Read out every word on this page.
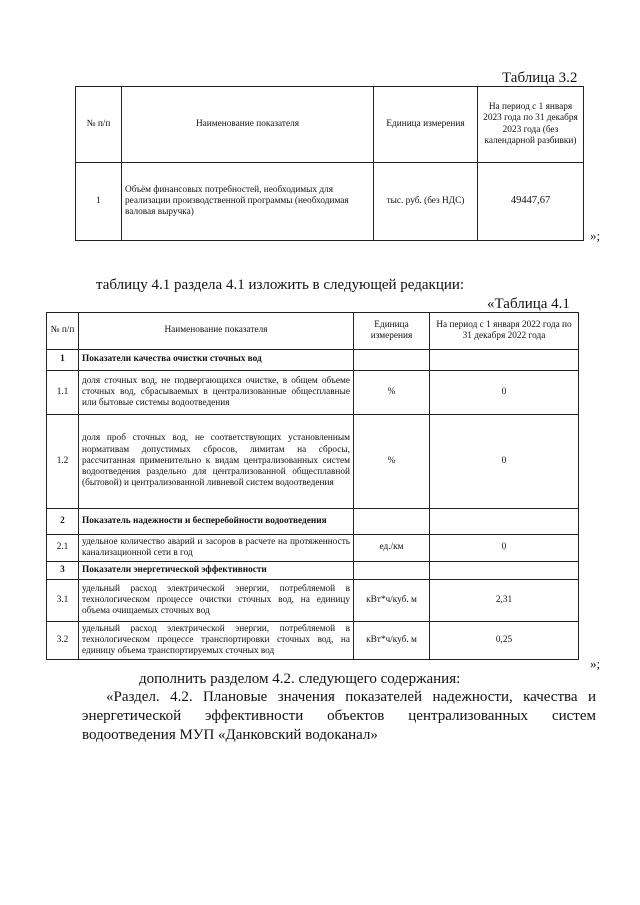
Таблица 3.2
№ п/п	Наименование показателя	Единица измерения	На период с 1 января 2023 года по 31 декабря 2023 года (без календарной разбивки)
1	Объём финансовых потребностей, необходимых для реализации производственной программы (необходимая валовая выручка)	тыс. руб. (без НДС)	49447,67
»;
таблицу 4.1 раздела 4.1 изложить в следующей редакции:
«Таблица 4.1
№ п/п	Наименование показателя	Единица измерения	На период с 1 января 2022 года по 31 декабря 2022 года
1	Показатели качества очистки сточных вод		
1.1	доля сточных вод, не подвергающихся очистке, в общем объеме сточных вод, сбрасываемых в централизованные общесплавные или бытовые системы водоотведения	%	0
1.2	доля проб сточных вод, не соответствующих установленным нормативам допустимых сбросов, лимитам на сбросы, рассчитанная применительно к видам централизованных систем водоотведения раздельно для централизованной общесплавной (бытовой) и централизованной ливневой систем водоотведения	%	0
2	Показатель надежности и бесперебойности водоотведения		
2.1	удельное количество аварий и засоров в расчете на протяженность канализационной сети в год	ед./км	0
3	Показатели энергетической эффективности		
3.1	удельный расход электрической энергии, потребляемой в технологическом процессе очистки сточных вод, на единицу объема очищаемых сточных вод	кВт*ч/куб. м	2,31
3.2	удельный расход электрической энергии, потребляемой в технологическом процессе транспортировки сточных вод, на единицу объема транспортируемых сточных вод	кВт*ч/куб. м	0,25
»;
дополнить разделом 4.2. следующего содержания:
«Раздел. 4.2. Плановые значения показателей надежности, качества и энергетической эффективности объектов централизованных систем водоотведения МУП «Данковский водоканал»
